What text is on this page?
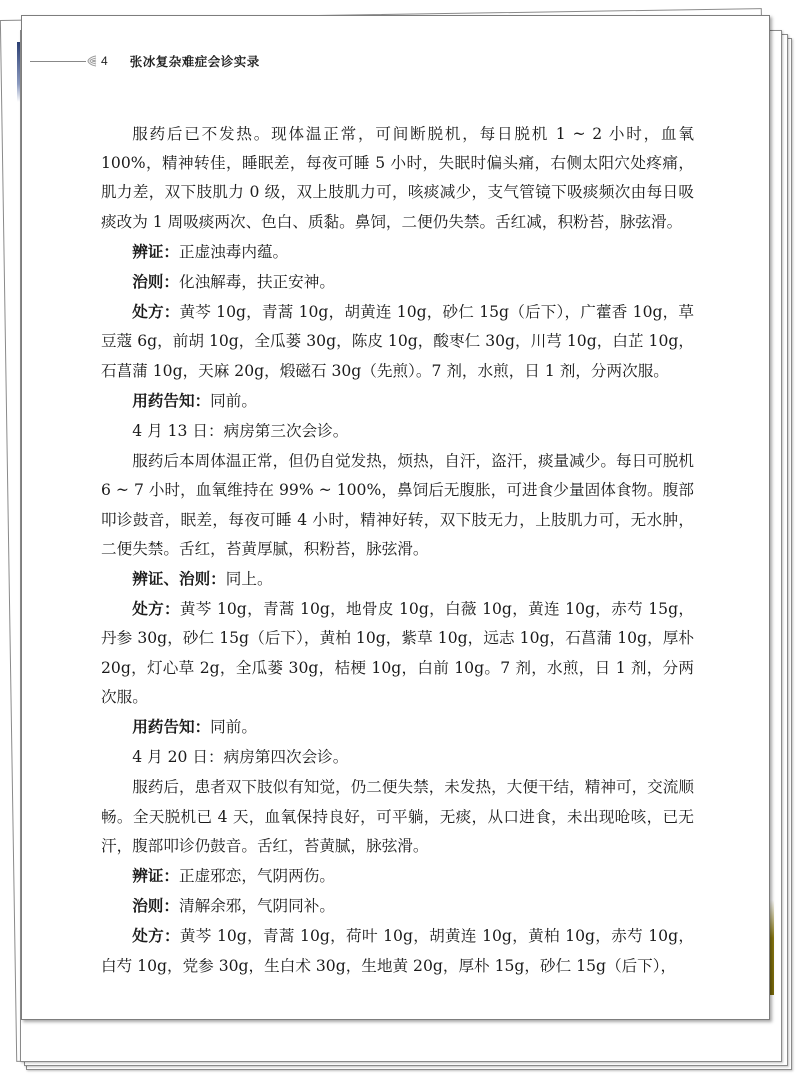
4 张冰复杂难症会诊实录

服药后已不发热。现体温正常，可间断脱机，每日脱机 1 ~ 2 小时，血氧 100%，精神转佳，睡眠差，每夜可睡 5 小时，失眠时偏头痛，右侧太阳穴处疼痛，肌力差，双下肢肌力 0 级，双上肢肌力可，咳痰减少，支气管镜下吸痰频次由每日吸痰改为 1 周吸痰两次、色白、质黏。鼻饲，二便仍失禁。舌红减，积粉苔，脉弦滑。

辨证：正虚浊毒内蕴。

治则：化浊解毒，扶正安神。

处方：黄芩 10g，青蒿 10g，胡黄连 10g，砂仁 15g（后下），广藿香 10g，草豆蔻 6g，前胡 10g，全瓜蒌 30g，陈皮 10g，酸枣仁 30g，川芎 10g，白芷 10g，石菖蒲 10g，天麻 20g，煅磁石 30g（先煎）。7 剂，水煎，日 1 剂，分两次服。

用药告知：同前。

4 月 13 日：病房第三次会诊。

服药后本周体温正常，但仍自觉发热，烦热，自汗，盗汗，痰量减少。每日可脱机 6 ~ 7 小时，血氧维持在 99% ~ 100%，鼻饲后无腹胀，可进食少量固体食物。腹部叩诊鼓音，眠差，每夜可睡 4 小时，精神好转，双下肢无力，上肢肌力可，无水肿，二便失禁。舌红，苔黄厚腻，积粉苔，脉弦滑。

辨证、治则：同上。

处方：黄芩 10g，青蒿 10g，地骨皮 10g，白薇 10g，黄连 10g，赤芍 15g，丹参 30g，砂仁 15g（后下），黄柏 10g，紫草 10g，远志 10g，石菖蒲 10g，厚朴 20g，灯心草 2g，全瓜蒌 30g，桔梗 10g，白前 10g。7 剂，水煎，日 1 剂，分两次服。

用药告知：同前。

4 月 20 日：病房第四次会诊。

服药后，患者双下肢似有知觉，仍二便失禁，未发热，大便干结，精神可，交流顺畅。全天脱机已 4 天，血氧保持良好，可平躺，无痰，从口进食，未出现呛咳，已无汗，腹部叩诊仍鼓音。舌红，苔黄腻，脉弦滑。

辨证：正虚邪恋，气阴两伤。

治则：清解余邪，气阴同补。

处方：黄芩 10g，青蒿 10g，荷叶 10g，胡黄连 10g，黄柏 10g，赤芍 10g，白芍 10g，党参 30g，生白术 30g，生地黄 20g，厚朴 15g，砂仁 15g（后下），
